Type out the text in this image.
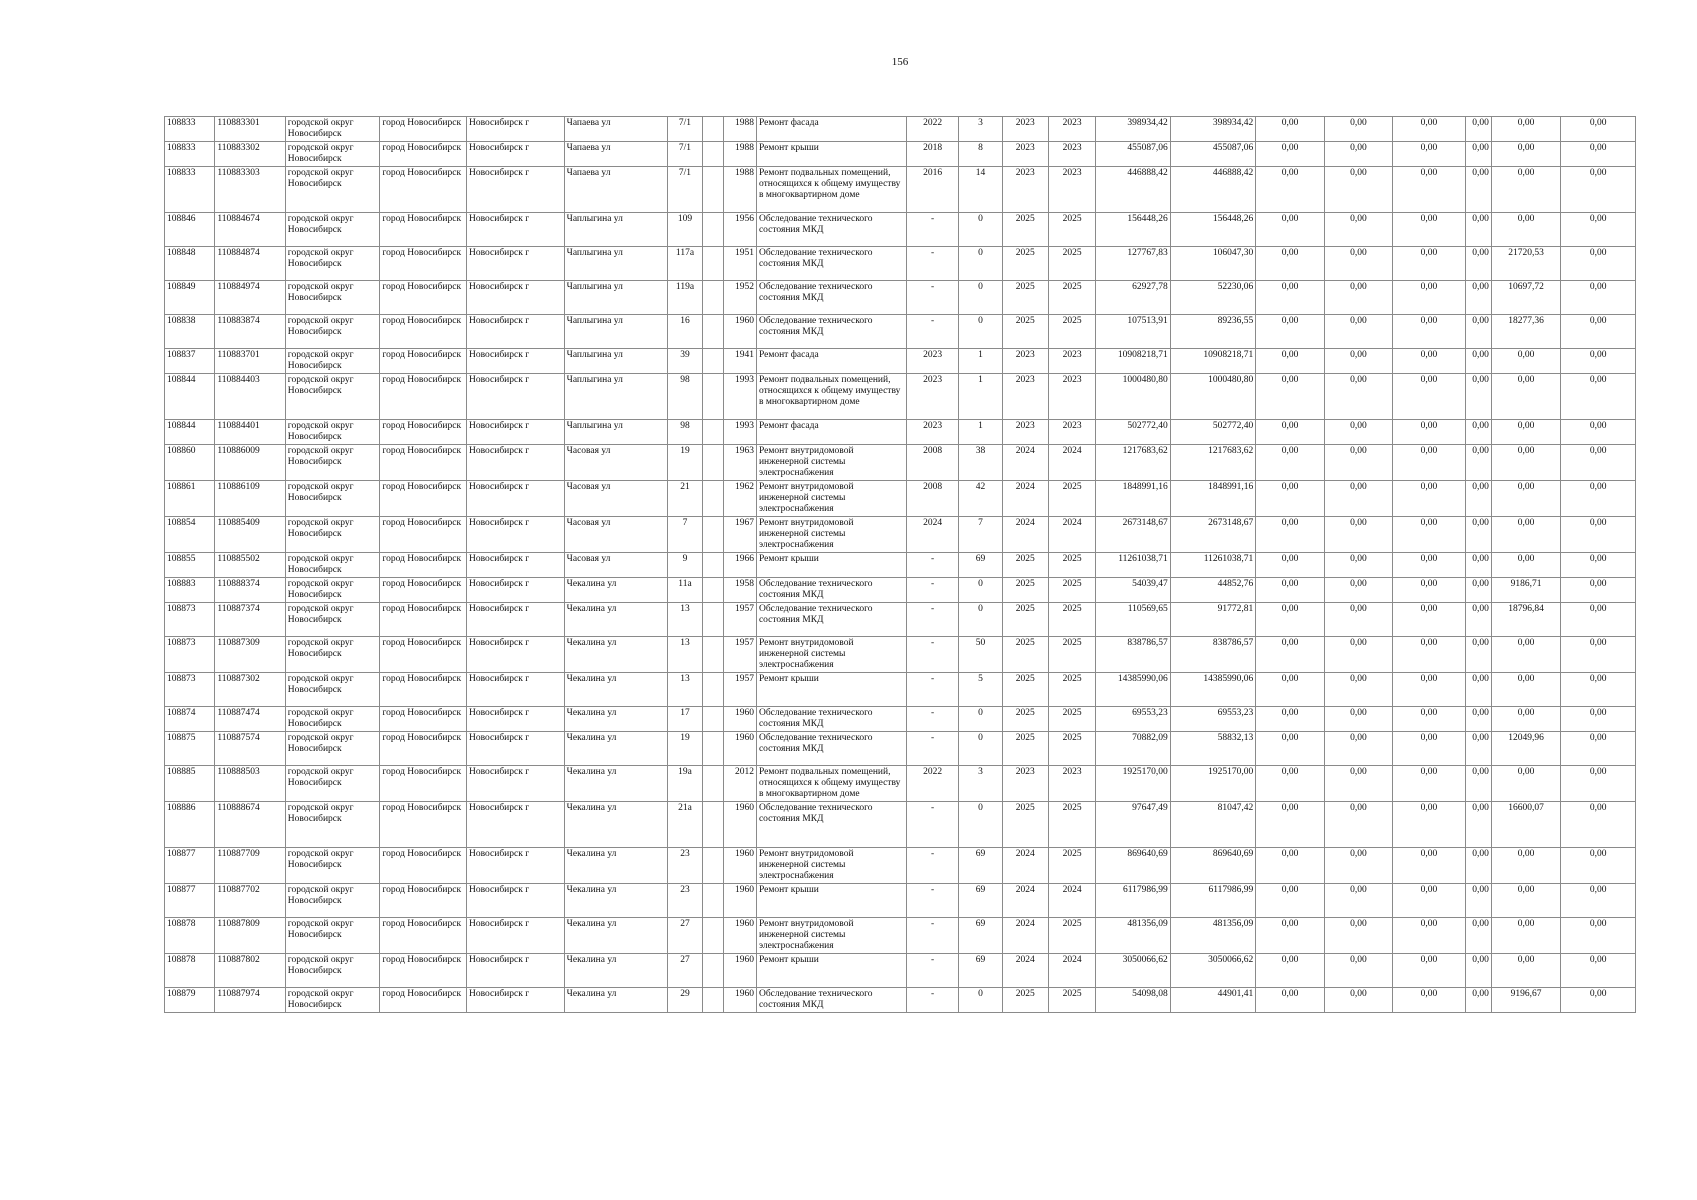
156
108833	110883301	городской округ Новосибирск	город Новосибирск	Новосибирск г	Чапаева ул	7/1		1988	Ремонт фасада	2022	3	2023	2023	398934,42	398934,42	0,00	0,00	0,00	0,00	0,00	0,00
108833	110883302	городской округ Новосибирск	город Новосибирск	Новосибирск г	Чапаева ул	7/1		1988	Ремонт крыши	2018	8	2023	2023	455087,06	455087,06	0,00	0,00	0,00	0,00	0,00	0,00
108833	110883303	городской округ Новосибирск	город Новосибирск	Новосибирск г	Чапаева ул	7/1		1988	Ремонт подвальных помещений, относящихся к общему имуществу в многоквартирном доме	2016	14	2023	2023	446888,42	446888,42	0,00	0,00	0,00	0,00	0,00	0,00
108846	110884674	городской округ Новосибирск	город Новосибирск	Новосибирск г	Чаплыгина ул	109		1956	Обследование технического состояния МКД	-	0	2025	2025	156448,26	156448,26	0,00	0,00	0,00	0,00	0,00	0,00
108848	110884874	городской округ Новосибирск	город Новосибирск	Новосибирск г	Чаплыгина ул	117а		1951	Обследование технического состояния МКД	-	0	2025	2025	127767,83	106047,30	0,00	0,00	0,00	0,00	21720,53	0,00
108849	110884974	городской округ Новосибирск	город Новосибирск	Новосибирск г	Чаплыгина ул	119а		1952	Обследование технического состояния МКД	-	0	2025	2025	62927,78	52230,06	0,00	0,00	0,00	0,00	10697,72	0,00
108838	110883874	городской округ Новосибирск	город Новосибирск	Новосибирск г	Чаплыгина ул	16		1960	Обследование технического состояния МКД	-	0	2025	2025	107513,91	89236,55	0,00	0,00	0,00	0,00	18277,36	0,00
108837	110883701	городской округ Новосибирск	город Новосибирск	Новосибирск г	Чаплыгина ул	39		1941	Ремонт фасада	2023	1	2023	2023	10908218,71	10908218,71	0,00	0,00	0,00	0,00	0,00	0,00
108844	110884403	городской округ Новосибирск	город Новосибирск	Новосибирск г	Чаплыгина ул	98		1993	Ремонт подвальных помещений, относящихся к общему имуществу в многоквартирном доме	2023	1	2023	2023	1000480,80	1000480,80	0,00	0,00	0,00	0,00	0,00	0,00
108844	110884401	городской округ Новосибирск	город Новосибирск	Новосибирск г	Чаплыгина ул	98		1993	Ремонт фасада	2023	1	2023	2023	502772,40	502772,40	0,00	0,00	0,00	0,00	0,00	0,00
108860	110886009	городской округ Новосибирск	город Новосибирск	Новосибирск г	Часовая ул	19		1963	Ремонт внутридомовой инженерной системы электроснабжения	2008	38	2024	2024	1217683,62	1217683,62	0,00	0,00	0,00	0,00	0,00	0,00
108861	110886109	городской округ Новосибирск	город Новосибирск	Новосибирск г	Часовая ул	21		1962	Ремонт внутридомовой инженерной системы электроснабжения	2008	42	2024	2025	1848991,16	1848991,16	0,00	0,00	0,00	0,00	0,00	0,00
108854	110885409	городской округ Новосибирск	город Новосибирск	Новосибирск г	Часовая ул	7		1967	Ремонт внутридомовой инженерной системы электроснабжения	2024	7	2024	2024	2673148,67	2673148,67	0,00	0,00	0,00	0,00	0,00	0,00
108855	110885502	городской округ Новосибирск	город Новосибирск	Новосибирск г	Часовая ул	9		1966	Ремонт крыши	-	69	2025	2025	11261038,71	11261038,71	0,00	0,00	0,00	0,00	0,00	0,00
108883	110888374	городской округ Новосибирск	город Новосибирск	Новосибирск г	Чекалина ул	11а		1958	Обследование технического состояния МКД	-	0	2025	2025	54039,47	44852,76	0,00	0,00	0,00	0,00	9186,71	0,00
108873	110887374	городской округ Новосибирск	город Новосибирск	Новосибирск г	Чекалина ул	13		1957	Обследование технического состояния МКД	-	0	2025	2025	110569,65	91772,81	0,00	0,00	0,00	0,00	18796,84	0,00
108873	110887309	городской округ Новосибирск	город Новосибирск	Новосибирск г	Чекалина ул	13		1957	Ремонт внутридомовой инженерной системы электроснабжения	-	50	2025	2025	838786,57	838786,57	0,00	0,00	0,00	0,00	0,00	0,00
108873	110887302	городской округ Новосибирск	город Новосибирск	Новосибирск г	Чекалина ул	13		1957	Ремонт крыши	-	5	2025	2025	14385990,06	14385990,06	0,00	0,00	0,00	0,00	0,00	0,00
108874	110887474	городской округ Новосибирск	город Новосибирск	Новосибирск г	Чекалина ул	17		1960	Обследование технического состояния МКД	-	0	2025	2025	69553,23	69553,23	0,00	0,00	0,00	0,00	0,00	0,00
108875	110887574	городской округ Новосибирск	город Новосибирск	Новосибирск г	Чекалина ул	19		1960	Обследование технического состояния МКД	-	0	2025	2025	70882,09	58832,13	0,00	0,00	0,00	0,00	12049,96	0,00
108885	110888503	городской округ Новосибирск	город Новосибирск	Новосибирск г	Чекалина ул	19а		2012	Ремонт подвальных помещений, относящихся к общему имуществу в многоквартирном доме	2022	3	2023	2023	1925170,00	1925170,00	0,00	0,00	0,00	0,00	0,00	0,00
108886	110888674	городской округ Новосибирск	город Новосибирск	Новосибирск г	Чекалина ул	21а		1960	Обследование технического состояния МКД	-	0	2025	2025	97647,49	81047,42	0,00	0,00	0,00	0,00	16600,07	0,00
108877	110887709	городской округ Новосибирск	город Новосибирск	Новосибирск г	Чекалина ул	23		1960	Ремонт внутридомовой инженерной системы электроснабжения	-	69	2024	2025	869640,69	869640,69	0,00	0,00	0,00	0,00	0,00	0,00
108877	110887702	городской округ Новосибирск	город Новосибирск	Новосибирск г	Чекалина ул	23		1960	Ремонт крыши	-	69	2024	2024	6117986,99	6117986,99	0,00	0,00	0,00	0,00	0,00	0,00
108878	110887809	городской округ Новосибирск	город Новосибирск	Новосибирск г	Чекалина ул	27		1960	Ремонт внутридомовой инженерной системы электроснабжения	-	69	2024	2025	481356,09	481356,09	0,00	0,00	0,00	0,00	0,00	0,00
108878	110887802	городской округ Новосибирск	город Новосибирск	Новосибирск г	Чекалина ул	27		1960	Ремонт крыши	-	69	2024	2024	3050066,62	3050066,62	0,00	0,00	0,00	0,00	0,00	0,00
108879	110887974	городской округ Новосибирск	город Новосибирск	Новосибирск г	Чекалина ул	29		1960	Обследование технического состояния МКД	-	0	2025	2025	54098,08	44901,41	0,00	0,00	0,00	0,00	9196,67	0,00
